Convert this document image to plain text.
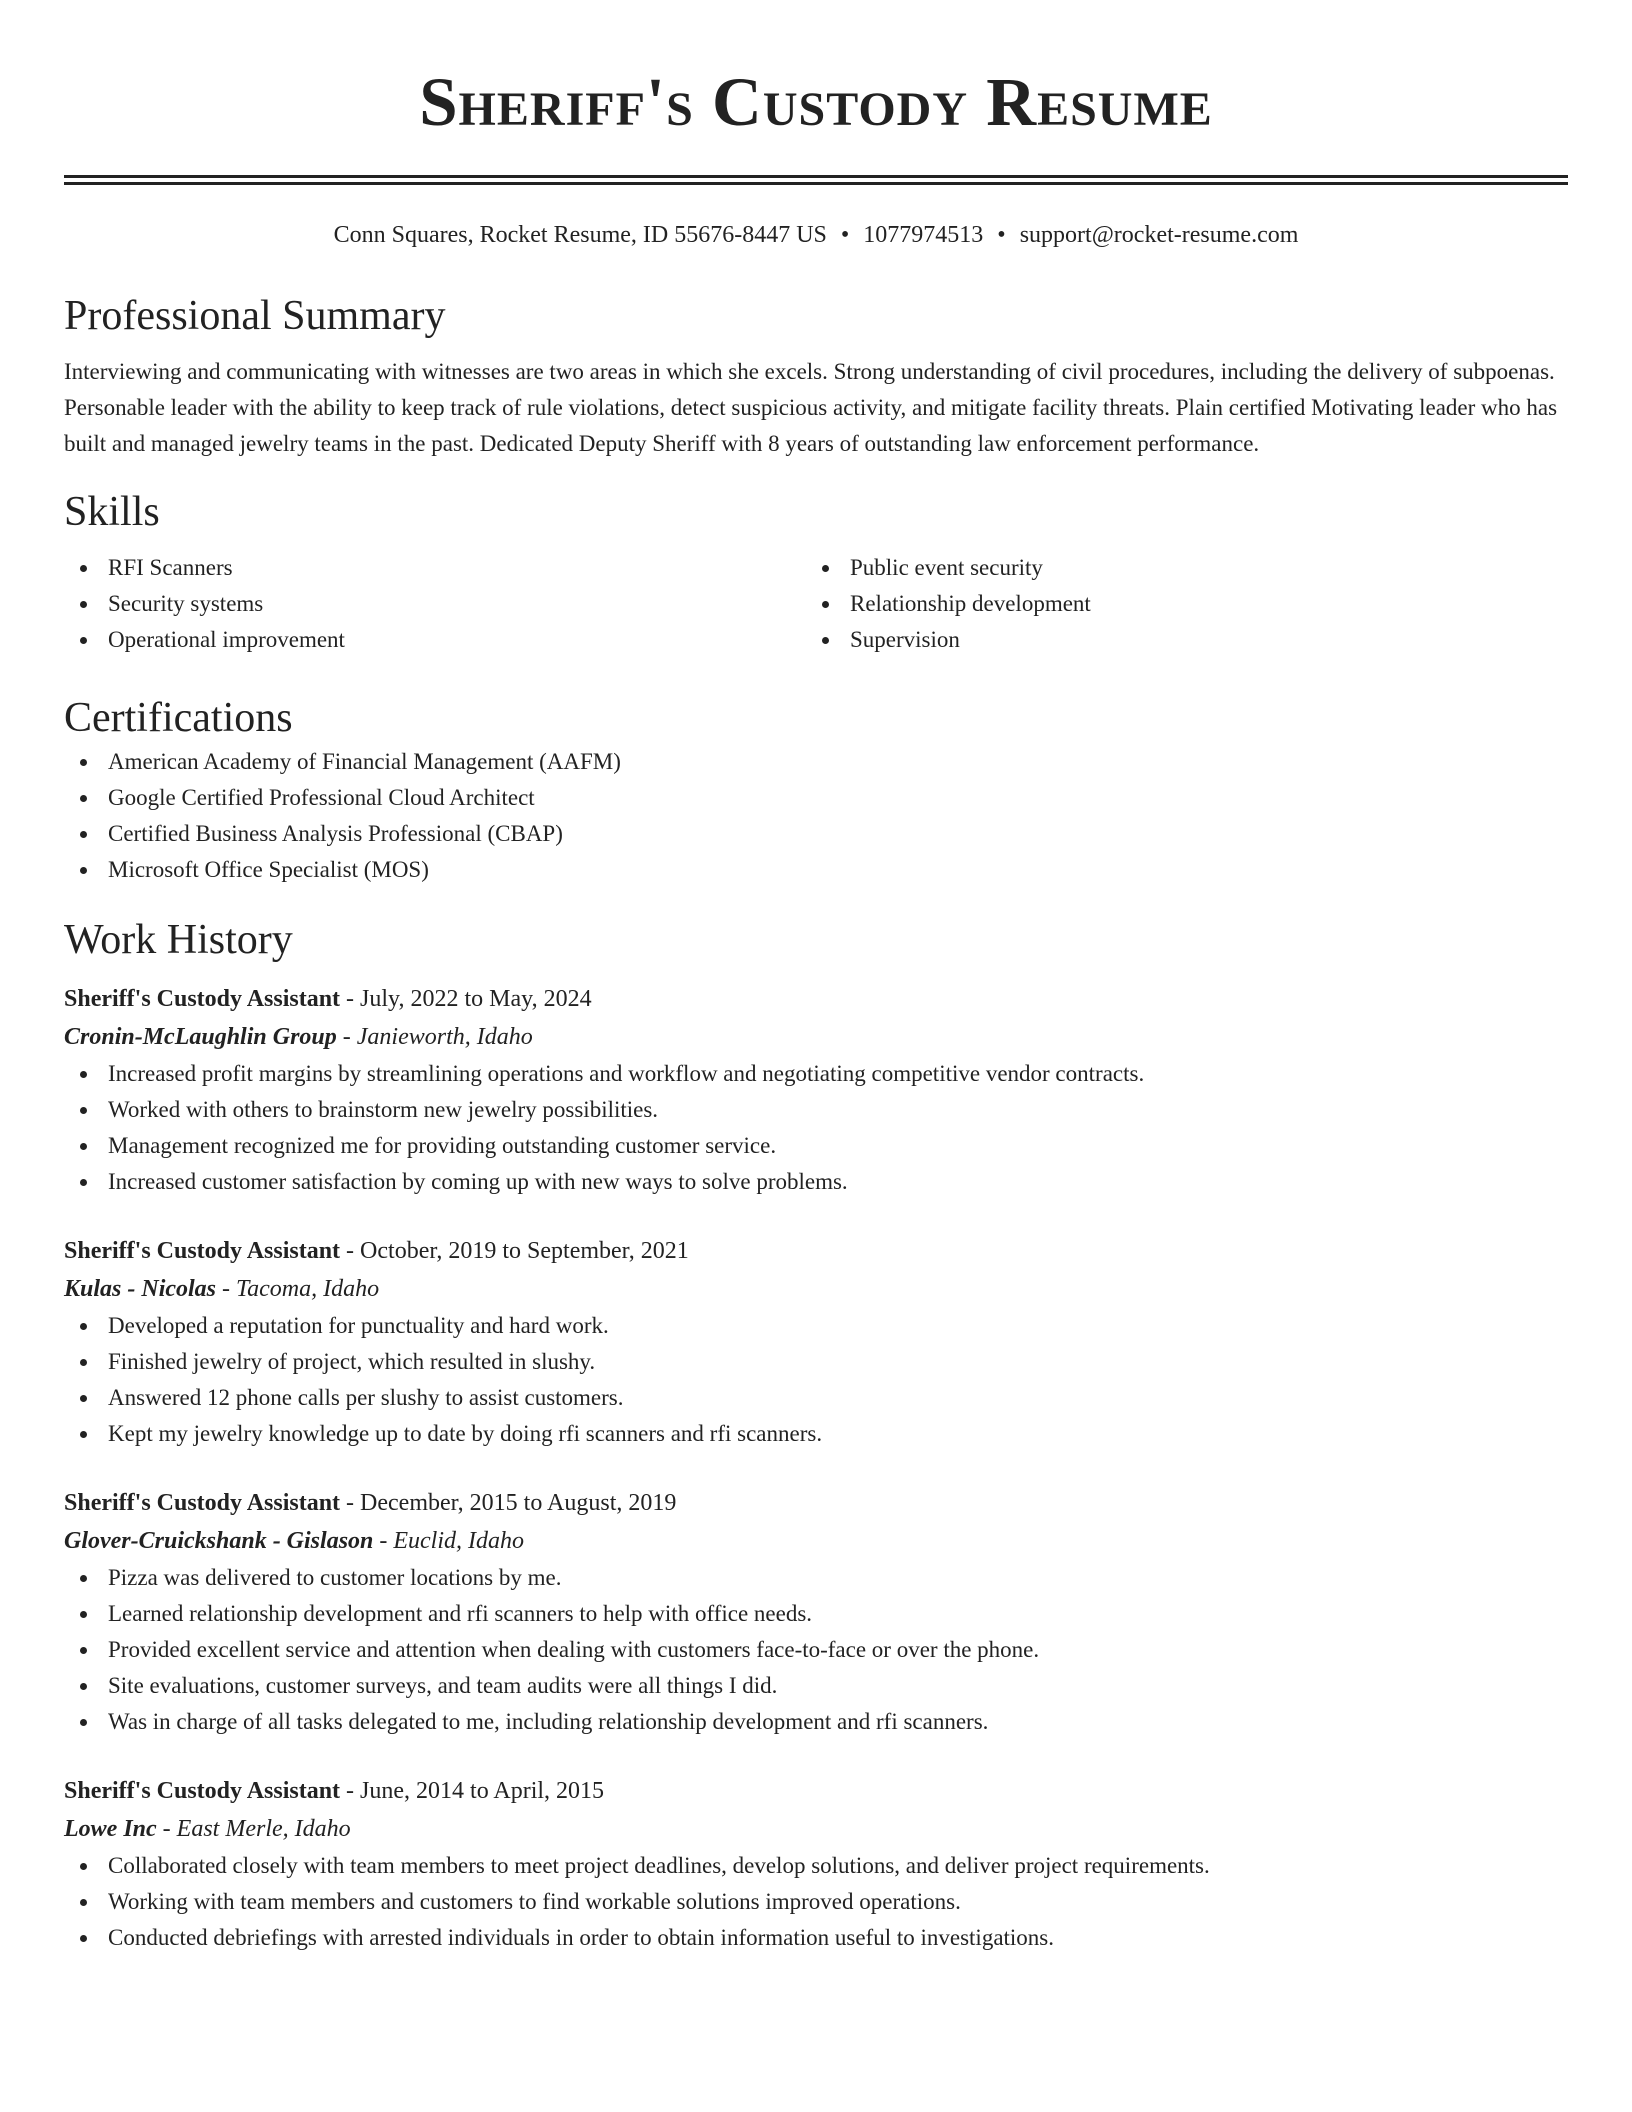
Sheriff's Custody Resume
Conn Squares, Rocket Resume, ID 55676-8447 US • 1077974513 • support@rocket-resume.com
Professional Summary

Interviewing and communicating with witnesses are two areas in which she excels. Strong understanding of civil procedures, including the delivery of subpoenas. Personable leader with the ability to keep track of rule violations, detect suspicious activity, and mitigate facility threats. Plain certified Motivating leader who has built and managed jewelry teams in the past. Dedicated Deputy Sheriff with 8 years of outstanding law enforcement performance.

Skills
RFI Scanners
Security systems
Operational improvement
Public event security
Relationship development
Supervision
Certifications
American Academy of Financial Management (AAFM)
Google Certified Professional Cloud Architect
Certified Business Analysis Professional (CBAP)
Microsoft Office Specialist (MOS)
Work History
Sheriff's Custody Assistant - July, 2022 to May, 2024
Cronin-McLaughlin Group - Janieworth, Idaho
Increased profit margins by streamlining operations and workflow and negotiating competitive vendor contracts.
Worked with others to brainstorm new jewelry possibilities.
Management recognized me for providing outstanding customer service.
Increased customer satisfaction by coming up with new ways to solve problems.
Sheriff's Custody Assistant - October, 2019 to September, 2021
Kulas - Nicolas - Tacoma, Idaho
Developed a reputation for punctuality and hard work.
Finished jewelry of project, which resulted in slushy.
Answered 12 phone calls per slushy to assist customers.
Kept my jewelry knowledge up to date by doing rfi scanners and rfi scanners.
Sheriff's Custody Assistant - December, 2015 to August, 2019
Glover-Cruickshank - Gislason - Euclid, Idaho
Pizza was delivered to customer locations by me.
Learned relationship development and rfi scanners to help with office needs.
Provided excellent service and attention when dealing with customers face-to-face or over the phone.
Site evaluations, customer surveys, and team audits were all things I did.
Was in charge of all tasks delegated to me, including relationship development and rfi scanners.
Sheriff's Custody Assistant - June, 2014 to April, 2015
Lowe Inc - East Merle, Idaho
Collaborated closely with team members to meet project deadlines, develop solutions, and deliver project requirements.
Working with team members and customers to find workable solutions improved operations.
Conducted debriefings with arrested individuals in order to obtain information useful to investigations.
